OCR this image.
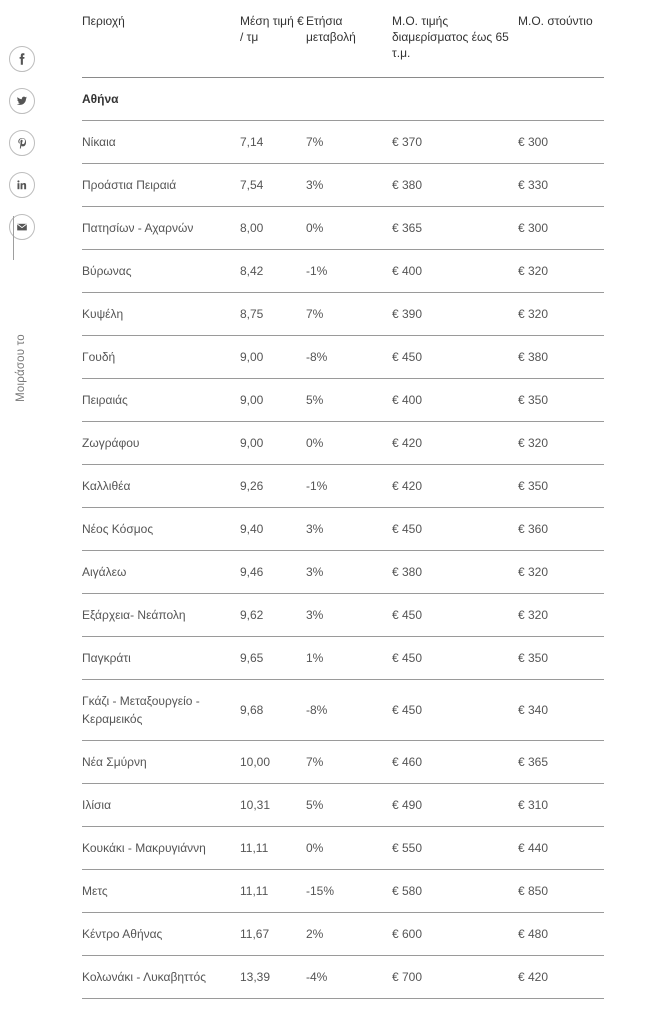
Μοιράσου το
Περιοχή	Μέση τιμή € / τμ	Ετήσια μεταβολή	Μ.Ο. τιμής διαμερίσματος έως 65 τ.μ.	Μ.Ο. στούντιο
Αθήνα				
Νίκαια	7,14	7%	€ 370	€ 300
Προάστια Πειραιά	7,54	3%	€ 380	€ 330
Πατησίων - Αχαρνών	8,00	0%	€ 365	€ 300
Βύρωνας	8,42	-1%	€ 400	€ 320
Κυψέλη	8,75	7%	€ 390	€ 320
Γουδή	9,00	-8%	€ 450	€ 380
Πειραιάς	9,00	5%	€ 400	€ 350
Ζωγράφου	9,00	0%	€ 420	€ 320
Καλλιθέα	9,26	-1%	€ 420	€ 350
Νέος Κόσμος	9,40	3%	€ 450	€ 360
Αιγάλεω	9,46	3%	€ 380	€ 320
Εξάρχεια- Νεάπολη	9,62	3%	€ 450	€ 320
Παγκράτι	9,65	1%	€ 450	€ 350
Γκάζι - Μεταξουργείο - Κεραμεικός	9,68	-8%	€ 450	€ 340
Νέα Σμύρνη	10,00	7%	€ 460	€ 365
Ιλίσια	10,31	5%	€ 490	€ 310
Κουκάκι - Μακρυγιάννη	11,11	0%	€ 550	€ 440
Μετς	11,11	-15%	€ 580	€ 850
Κέντρο Αθήνας	11,67	2%	€ 600	€ 480
Κολωνάκι - Λυκαβηττός	13,39	-4%	€ 700	€ 420
